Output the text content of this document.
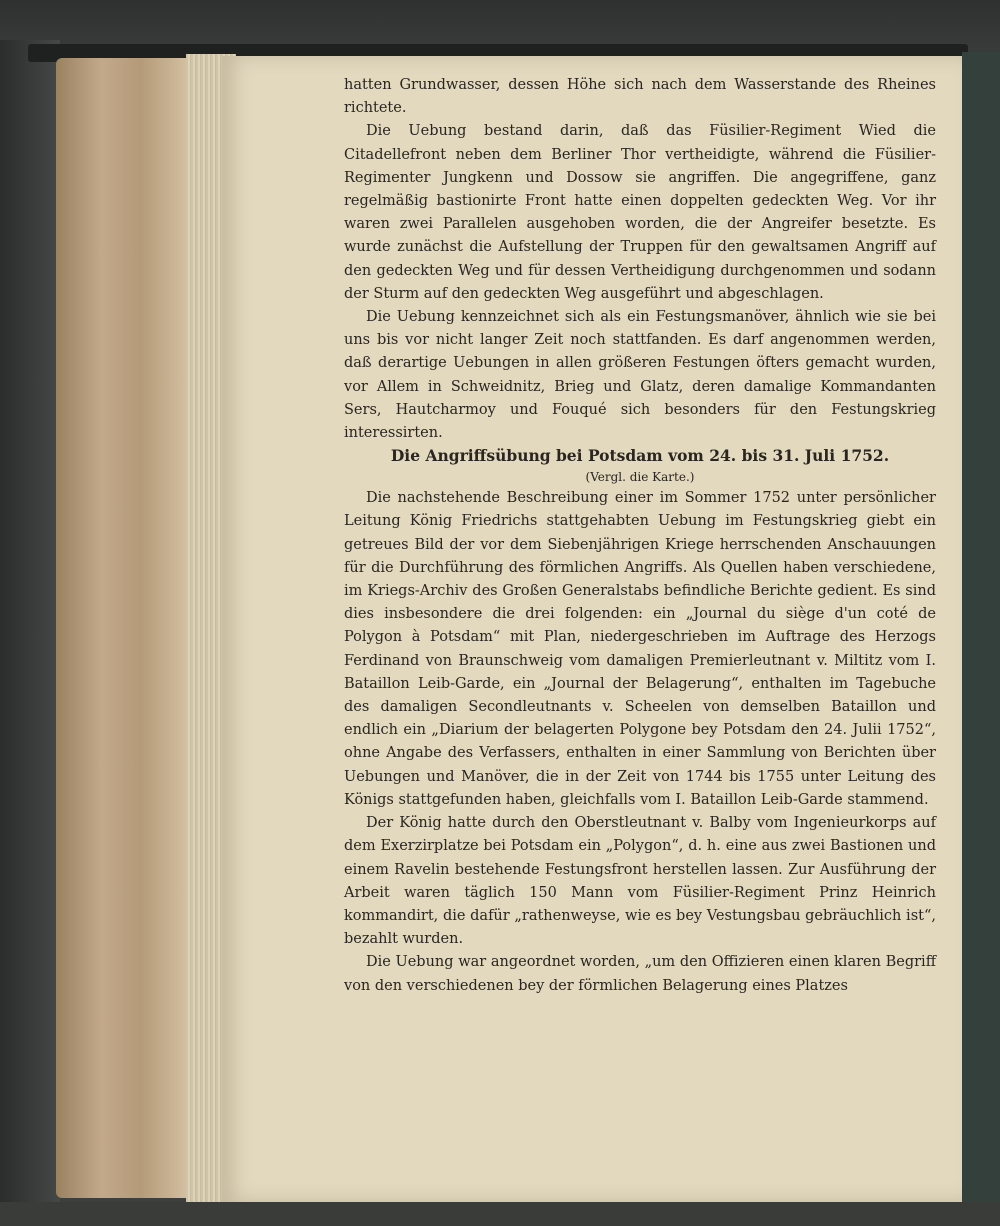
hatten Grundwasser, dessen Höhe sich nach dem Wasserstande des Rheines richtete.

Die Uebung bestand darin, daß das Füsilier-Regiment Wied die Citadellefront neben dem Berliner Thor vertheidigte, während die Füsilier-Regimenter Jungkenn und Dossow sie angriffen. Die angegriffene, ganz regelmäßig bastionirte Front hatte einen doppelten gedeckten Weg. Vor ihr waren zwei Parallelen ausgehoben worden, die der Angreifer besetzte. Es wurde zunächst die Aufstellung der Truppen für den gewaltsamen Angriff auf den gedeckten Weg und für dessen Vertheidigung durchgenommen und sodann der Sturm auf den gedeckten Weg ausgeführt und abgeschlagen.

Die Uebung kennzeichnet sich als ein Festungsmanöver, ähnlich wie sie bei uns bis vor nicht langer Zeit noch stattfanden. Es darf angenommen werden, daß derartige Uebungen in allen größeren Festungen öfters gemacht wurden, vor Allem in Schweidnitz, Brieg und Glatz, deren damalige Kommandanten Sers, Hautcharmoy und Fouqué sich besonders für den Festungskrieg interessirten.

Die Angriffsübung bei Potsdam vom 24. bis 31. Juli 1752.

(Vergl. die Karte.)

Die nachstehende Beschreibung einer im Sommer 1752 unter persönlicher Leitung König Friedrichs stattgehabten Uebung im Festungskrieg giebt ein getreues Bild der vor dem Siebenjährigen Kriege herrschenden Anschauungen für die Durchführung des förmlichen Angriffs. Als Quellen haben verschiedene, im Kriegs-Archiv des Großen Generalstabs befindliche Berichte gedient. Es sind dies insbesondere die drei folgenden: ein „Journal du siège d'un coté de Polygon à Potsdam“ mit Plan, niedergeschrieben im Auftrage des Herzogs Ferdinand von Braunschweig vom damaligen Premierleutnant v. Miltitz vom I. Bataillon Leib-Garde, ein „Journal der Belagerung“, enthalten im Tagebuche des damaligen Secondleutnants v. Scheelen von demselben Bataillon und endlich ein „Diarium der belagerten Polygone bey Potsdam den 24. Julii 1752“, ohne Angabe des Verfassers, enthalten in einer Sammlung von Berichten über Uebungen und Manöver, die in der Zeit von 1744 bis 1755 unter Leitung des Königs stattgefunden haben, gleichfalls vom I. Bataillon Leib-Garde stammend.

Der König hatte durch den Oberstleutnant v. Balby vom Ingenieurkorps auf dem Exerzirplatze bei Potsdam ein „Polygon“, d. h. eine aus zwei Bastionen und einem Ravelin bestehende Festungsfront herstellen lassen. Zur Ausführung der Arbeit waren täglich 150 Mann vom Füsilier-Regiment Prinz Heinrich kommandirt, die dafür „rathenweyse, wie es bey Vestungsbau gebräuchlich ist“, bezahlt wurden.

Die Uebung war angeordnet worden, „um den Offizieren einen klaren Begriff von den verschiedenen bey der förmlichen Belagerung eines Platzes
